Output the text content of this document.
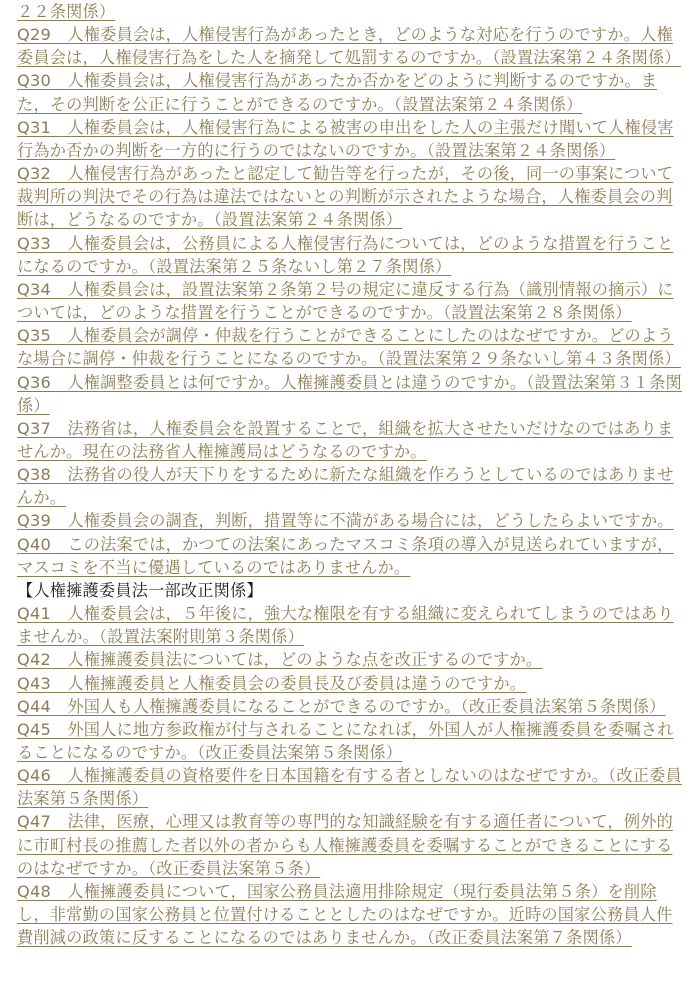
２２条関係）
Q29　人権委員会は，人権侵害行為があったとき，どのような対応を行うのですか。人権委員会は，人権侵害行為をした人を摘発して処罰するのですか。（設置法案第２４条関係）
Q30　人権委員会は，人権侵害行為があったか否かをどのように判断するのですか。また，その判断を公正に行うことができるのですか。（設置法案第２４条関係）
Q31　人権委員会は，人権侵害行為による被害の申出をした人の主張だけ聞いて人権侵害行為か否かの判断を一方的に行うのではないのですか。（設置法案第２４条関係）
Q32　人権侵害行為があったと認定して勧告等を行ったが，その後，同一の事案について裁判所の判決でその行為は違法ではないとの判断が示されたような場合，人権委員会の判断は，どうなるのですか。（設置法案第２４条関係）
Q33　人権委員会は，公務員による人権侵害行為については，どのような措置を行うことになるのですか。（設置法案第２５条ないし第２７条関係）
Q34　人権委員会は，設置法案第２条第２号の規定に違反する行為（識別情報の摘示）については，どのような措置を行うことができるのですか。（設置法案第２８条関係）
Q35　人権委員会が調停・仲裁を行うことができることにしたのはなぜですか。どのような場合に調停・仲裁を行うことになるのですか。（設置法案第２９条ないし第４３条関係）
Q36　人権調整委員とは何ですか。人権擁護委員とは違うのですか。（設置法案第３１条関係）
Q37　法務省は，人権委員会を設置することで，組織を拡大させたいだけなのではありませんか。現在の法務省人権擁護局はどうなるのですか。
Q38　法務省の役人が天下りをするために新たな組織を作ろうとしているのではありませんか。
Q39　人権委員会の調査，判断，措置等に不満がある場合には，どうしたらよいですか。
Q40　この法案では，かつての法案にあったマスコミ条項の導入が見送られていますが，マスコミを不当に優遇しているのではありませんか。
【人権擁護委員法一部改正関係】
Q41　人権委員会は，５年後に，強大な権限を有する組織に変えられてしまうのではありませんか。（設置法案附則第３条関係）
Q42　人権擁護委員法については，どのような点を改正するのですか。
Q43　人権擁護委員と人権委員会の委員長及び委員は違うのですか。
Q44　外国人も人権擁護委員になることができるのですか。（改正委員法案第５条関係）
Q45　外国人に地方参政権が付与されることになれば，外国人が人権擁護委員を委嘱されることになるのですか。（改正委員法案第５条関係）
Q46　人権擁護委員の資格要件を日本国籍を有する者としないのはなぜですか。（改正委員法案第５条関係）
Q47　法律，医療，心理又は教育等の専門的な知識経験を有する適任者について，例外的に市町村長の推薦した者以外の者からも人権擁護委員を委嘱することができることにするのはなぜですか。（改正委員法案第５条）
Q48　人権擁護委員について，国家公務員法適用排除規定（現行委員法第５条）を削除し，非常勤の国家公務員と位置付けることとしたのはなぜですか。近時の国家公務員人件費削減の政策に反することになるのではありませんか。（改正委員法案第７条関係）
